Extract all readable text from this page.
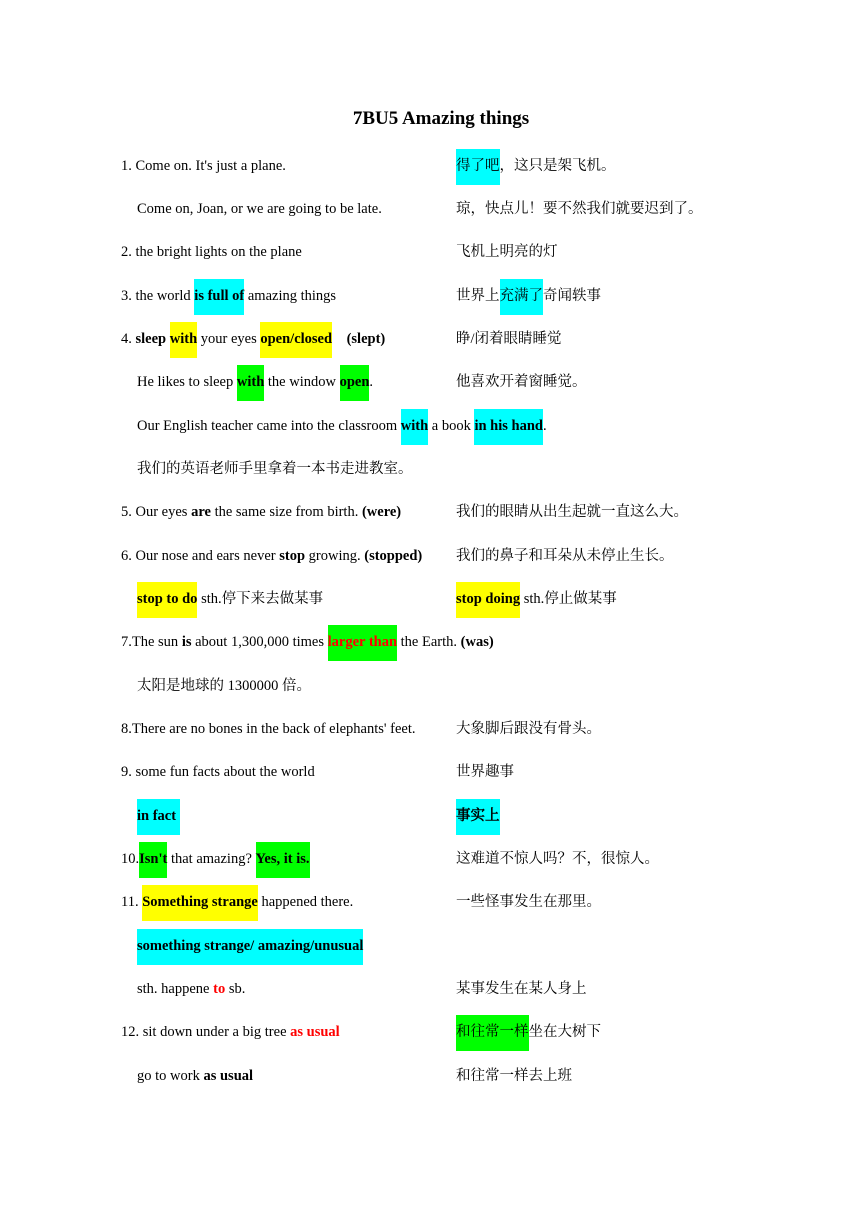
7BU5 Amazing things
1. Come on. It's just a plane.	得了吧，这只是架飞机。
Come on, Joan, or we are going to be late.	琼，快点儿！要不然我们就要迟到了。
2. the bright lights on the plane	飞机上明亮的灯
3. the world is full of amazing things	世界上充满了奇闻轶事
4. sleep with your eyes open/closed    (slept)	睁/闭着眼睛睡觉
He likes to sleep with the window open.	他喜欢开着窗睡觉。
Our English teacher came into the classroom with a book in his hand.
我们的英语老师手里拿着一本书走进教室。
5. Our eyes are the same size from birth. (were)	我们的眼睛从出生起就一直这么大。
6. Our nose and ears never stop growing. (stopped) 我们的鼻子和耳朵从未停止生长。
stop to do sth.停下来去做某事	stop doing sth.停止做某事
7.The sun is about 1,300,000 times larger than the Earth. (was)
太阳是地球的 1300000 倍。
8.There are no bones in the back of elephants' feet.	大象脚后跟没有骨头。
9. some fun facts about the world	世界趣事
in fact	事实上
10.Isn't that amazing? Yes, it is.	这难道不惊人吗？不，很惊人。
11. Something strange happened there.	一些怪事发生在那里。
something strange/ amazing/unusual
sth. happene to sb.	某事发生在某人身上
12. sit down under a big tree as usual	和往常一样坐在大树下
go to work as usual	和往常一样去上班
